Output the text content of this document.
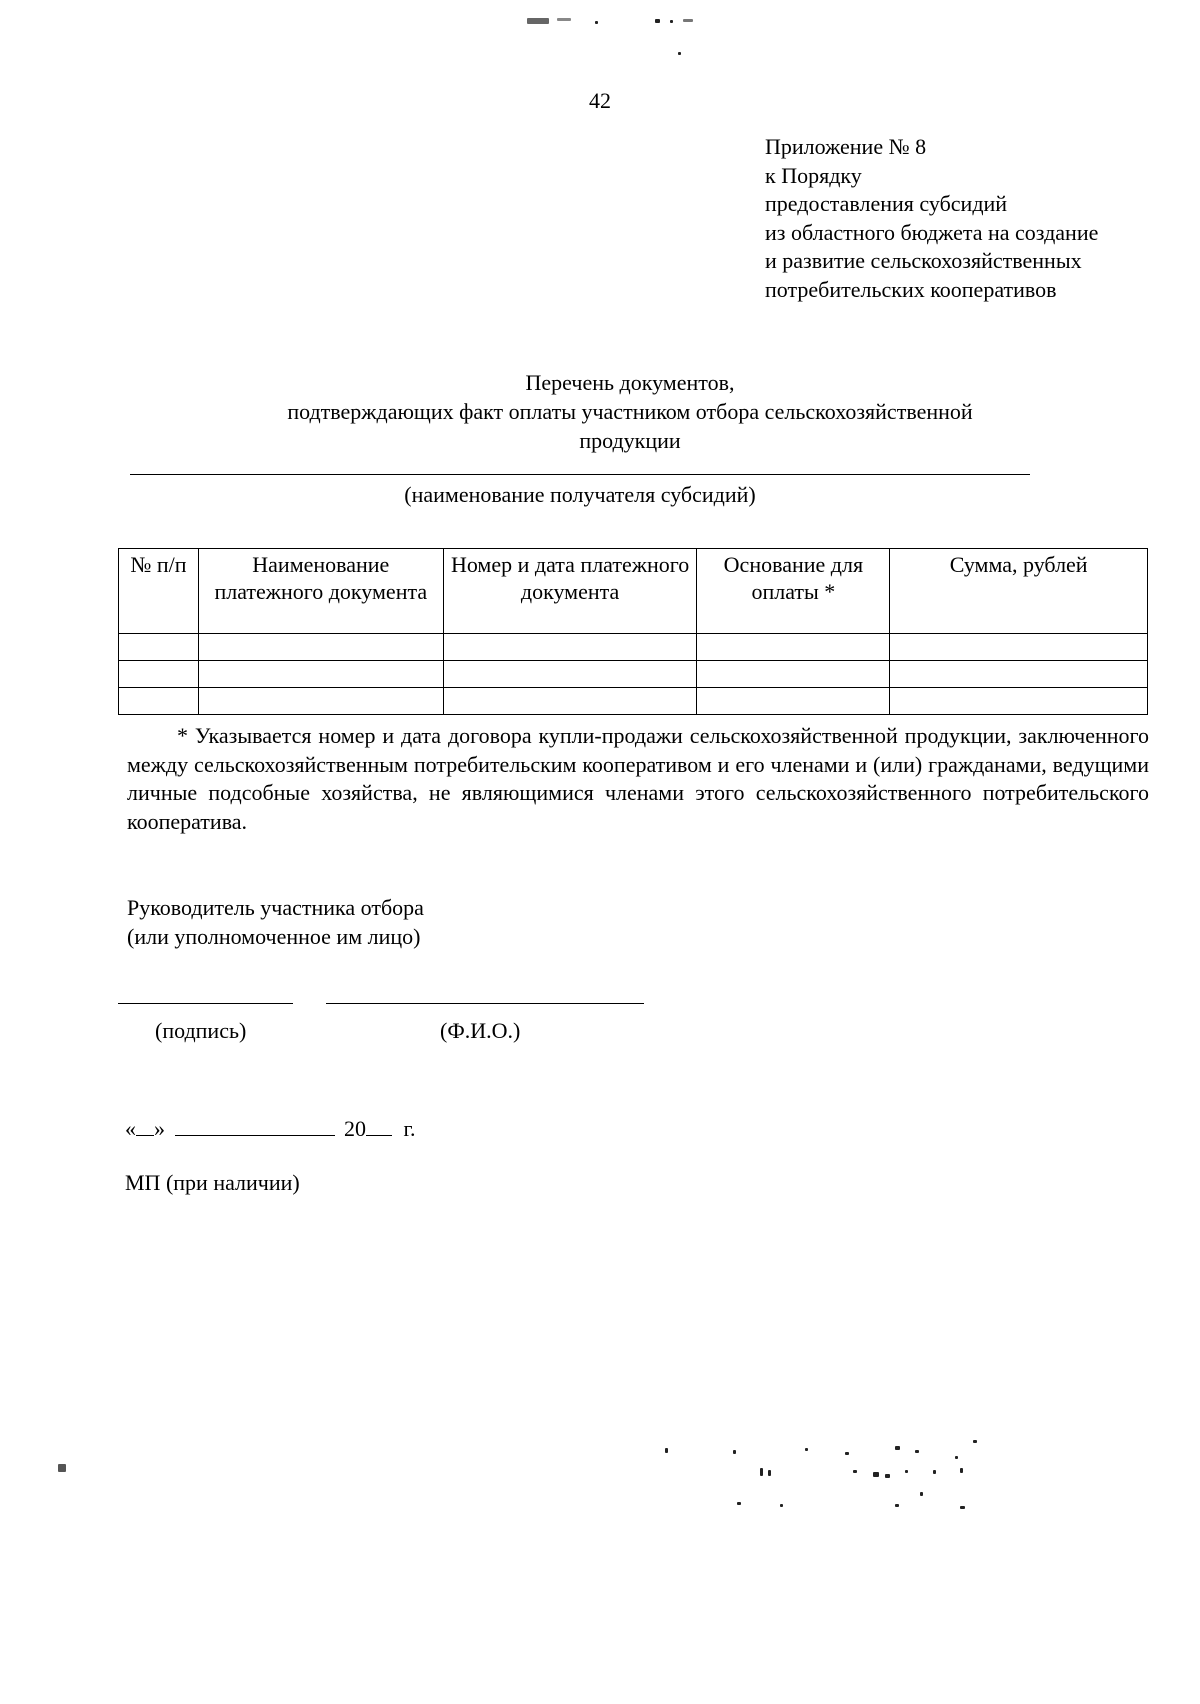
42
Приложение № 8
к Порядку
предоставления субсидий
из областного бюджета на создание
и развитие сельскохозяйственных
потребительских кооперативов
Перечень документов,
подтверждающих факт оплаты участником отбора сельскохозяйственной
продукции
(наименование получателя субсидий)
№ п/п	Наименование платежного документа	Номер и дата платежного документа	Основание для оплаты *	Сумма, рублей

* Указывается номер и дата договора купли-продажи сельскохозяйственной продукции, заключенного между сельскохозяйственным потребительским кооперативом и его членами и (или) гражданами, ведущими личные подсобные хозяйства, не являющимися членами этого сельскохозяйственного потребительского кооператива.
Руководитель участника отбора
(или уполномоченное им лицо)
(подпись)	(Ф.И.О.)
« »	20 г.
МП (при наличии)
